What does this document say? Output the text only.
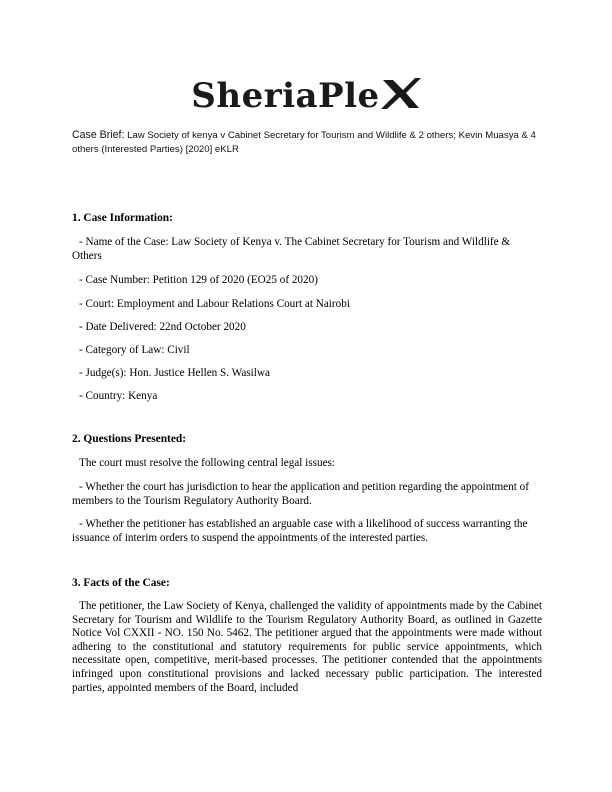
SheriaPle
Case Brief: Law Society of kenya v Cabinet Secretary for Tourism and Wildlife & 2 others; Kevin Muasya & 4 others (Interested Parties) [2020] eKLR
1. Case Information:
- Name of the Case: Law Society of Kenya v. The Cabinet Secretary for Tourism and Wildlife & Others
- Case Number: Petition 129 of 2020 (EO25 of 2020)
- Court: Employment and Labour Relations Court at Nairobi
- Date Delivered: 22nd October 2020
- Category of Law: Civil
- Judge(s): Hon. Justice Hellen S. Wasilwa
- Country: Kenya
2. Questions Presented:
The court must resolve the following central legal issues:
- Whether the court has jurisdiction to hear the application and petition regarding the appointment of members to the Tourism Regulatory Authority Board.
- Whether the petitioner has established an arguable case with a likelihood of success warranting the issuance of interim orders to suspend the appointments of the interested parties.
3. Facts of the Case:
The petitioner, the Law Society of Kenya, challenged the validity of appointments made by the Cabinet Secretary for Tourism and Wildlife to the Tourism Regulatory Authority Board, as outlined in Gazette Notice Vol CXXII - NO. 150 No. 5462. The petitioner argued that the appointments were made without adhering to the constitutional and statutory requirements for public service appointments, which necessitate open, competitive, merit-based processes. The petitioner contended that the appointments infringed upon constitutional provisions and lacked necessary public participation. The interested parties, appointed members of the Board, included
